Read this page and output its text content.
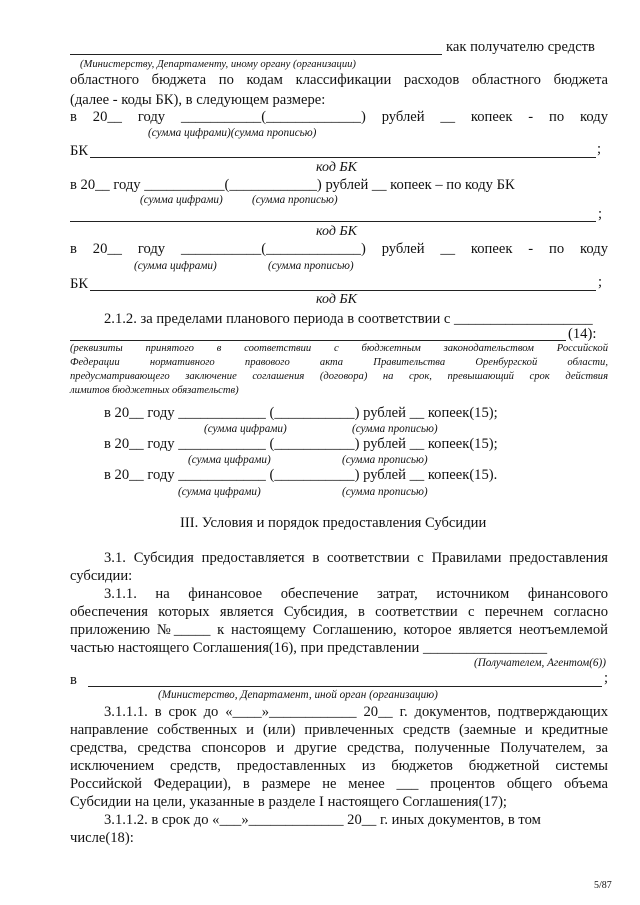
как получателю средств
(Министерству, Департаменту, иному органу (организации)
областного бюджета по кодам классификации расходов областного бюджета
(далее - коды БК), в следующем размере:
в 20__ году ___________(_____________) рублей __ копеек - по коду
(сумма цифрами)(сумма прописью)
БК	;
код БК
в 20__ году ___________(____________) рублей __ копеек – по коду БК
(сумма цифрами)	(сумма прописью)
;
код БК
в 20__ году ___________(_____________) рублей __ копеек - по коду
(сумма цифрами)	(сумма прописью)
БК	;
код БК
2.1.2. за пределами планового периода в соответствии с ___________________
(14):
(реквизиты принятого в соответствии с бюджетным законодательством Российской
Федерации нормативного правового акта Правительства Оренбургской области,
предусматривающего заключение соглашения (договора) на срок, превышающий срок действия
лимитов бюджетных обязательств)
в 20__ году ____________ (___________) рублей __ копеек(15);
(сумма цифрами)	(сумма прописью)
в 20__ году ____________ (___________) рублей __ копеек(15);
(сумма цифрами)	(сумма прописью)
в 20__ году ____________ (___________) рублей __ копеек(15).
(сумма цифрами)	(сумма прописью)
III. Условия и порядок предоставления Субсидии
3.1. Субсидия предоставляется в соответствии с Правилами предоставления
субсидии:
3.1.1. на финансовое обеспечение затрат, источником финансового
обеспечения которых является Субсидия, в соответствии с перечнем согласно
приложению №_____ к настоящему Соглашению, которое является неотъемлемой
частью настоящего Соглашения(16), при представлении _________________
(Получателем, Агентом(6))
в	;
(Министерство, Департамент, иной орган (организацию)
3.1.1.1. в срок до «____»____________ 20__ г. документов, подтверждающих
направление собственных и (или) привлеченных средств (заемные и кредитные
средства, средства спонсоров и другие средства, полученные Получателем, за
исключением средств, предоставленных из бюджетов бюджетной системы
Российской Федерации), в размере не менее ___ процентов общего объема
Субсидии на цели, указанные в разделе I настоящего Соглашения(17);
3.1.1.2. в срок до «___»_____________ 20__ г. иных документов, в том
числе(18):
5/87
